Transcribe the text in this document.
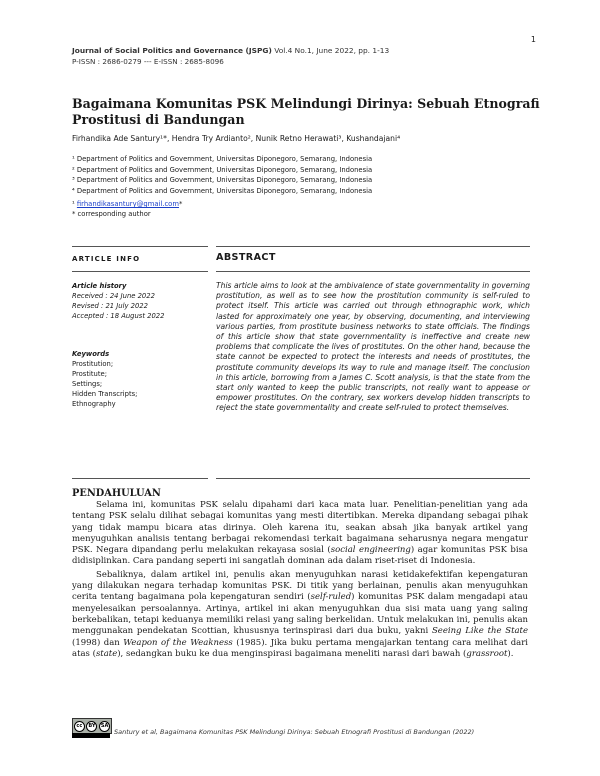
1
Journal of Social Politics and Governance (JSPG) Vol.4 No.1, June 2022, pp. 1-13
P-ISSN : 2686-0279 --- E-ISSN : 2685-8096
Bagaimana Komunitas PSK Melindungi Dirinya: Sebuah Etnografi Prostitusi di Bandungan
Firhandika Ade Santury¹*, Hendra Try Ardianto², Nunik Retno Herawati³, Kushandajani⁴
¹ Department of Politics and Government, Universitas Diponegoro, Semarang, Indonesia
² Department of Politics and Government, Universitas Diponegoro, Semarang, Indonesia
³ Department of Politics and Government, Universitas Diponegoro, Semarang, Indonesia
⁴ Department of Politics and Government, Universitas Diponegoro, Semarang, Indonesia
¹ firhandikasantury@gmail.com*
* corresponding author
ARTICLE INFO	ABSTRACT
Article history
Received : 24 June 2022
Revised : 21 July 2022
Accepted : 18 August 2022
Keywords
Prostitution;
Prostitute;
Settings;
Hidden Transcripts;
Ethnography
This article aims to look at the ambivalence of state governmentality in governing prostitution, as well as to see how the prostitution community is self-ruled to protect itself. This article was carried out through ethnographic work, which lasted for approximately one year, by observing, documenting, and interviewing various parties, from prostitute business networks to state officials. The findings of this article show that state governmentality is ineffective and create new problems that complicate the lives of prostitutes. On the other hand, because the state cannot be expected to protect the interests and needs of prostitutes, the prostitute community develops its way to rule and manage itself. The conclusion in this article, borrowing from a James C. Scott analysis, is that the state from the start only wanted to keep the public transcripts, not really want to appease or empower prostitutes. On the contrary, sex workers develop hidden transcripts to reject the state governmentality and create self-ruled to protect themselves.
PENDAHULUAN

Selama ini, komunitas PSK selalu dipahami dari kaca mata luar. Penelitian-penelitian yang ada tentang PSK selalu dilihat sebagai komunitas yang mesti ditertibkan. Mereka dipandang sebagai pihak yang tidak mampu bicara atas dirinya. Oleh karena itu, seakan absah jika banyak artikel yang menyuguhkan analisis tentang berbagai rekomendasi terkait bagaimana seharusnya negara mengatur PSK. Negara dipandang perlu melakukan rekayasa sosial (social engineering) agar komunitas PSK bisa didisiplinkan. Cara pandang seperti ini sangatlah dominan ada dalam riset-riset di Indonesia.

Sebaliknya, dalam artikel ini, penulis akan menyuguhkan narasi ketidakefektifan kepengaturan yang dilakukan negara terhadap komunitas PSK. Di titik yang berlainan, penulis akan menyuguhkan cerita tentang bagaimana pola kepengaturan sendiri (self-ruled) komunitas PSK dalam mengadapi atau menyelesaikan persoalannya. Artinya, artikel ini akan menyuguhkan dua sisi mata uang yang saling berkebalikan, tetapi keduanya memiliki relasi yang saling berkelidan. Untuk melakukan ini, penulis akan menggunakan pendekatan Scottian, khususnya terinspirasi dari dua buku, yakni Seeing Like the State (1998) dan Weapon of the Weakness (1985). Jika buku pertama mengajarkan tentang cara melihat dari atas (state), sedangkan buku ke dua menginspirasi bagaimana meneliti narasi dari bawah (grassroot).

cc	BY	SA
Santury et al, Bagaimana Komunitas PSK Melindungi Dirinya: Sebuah Etnografi Prostitusi di Bandungan (2022)
